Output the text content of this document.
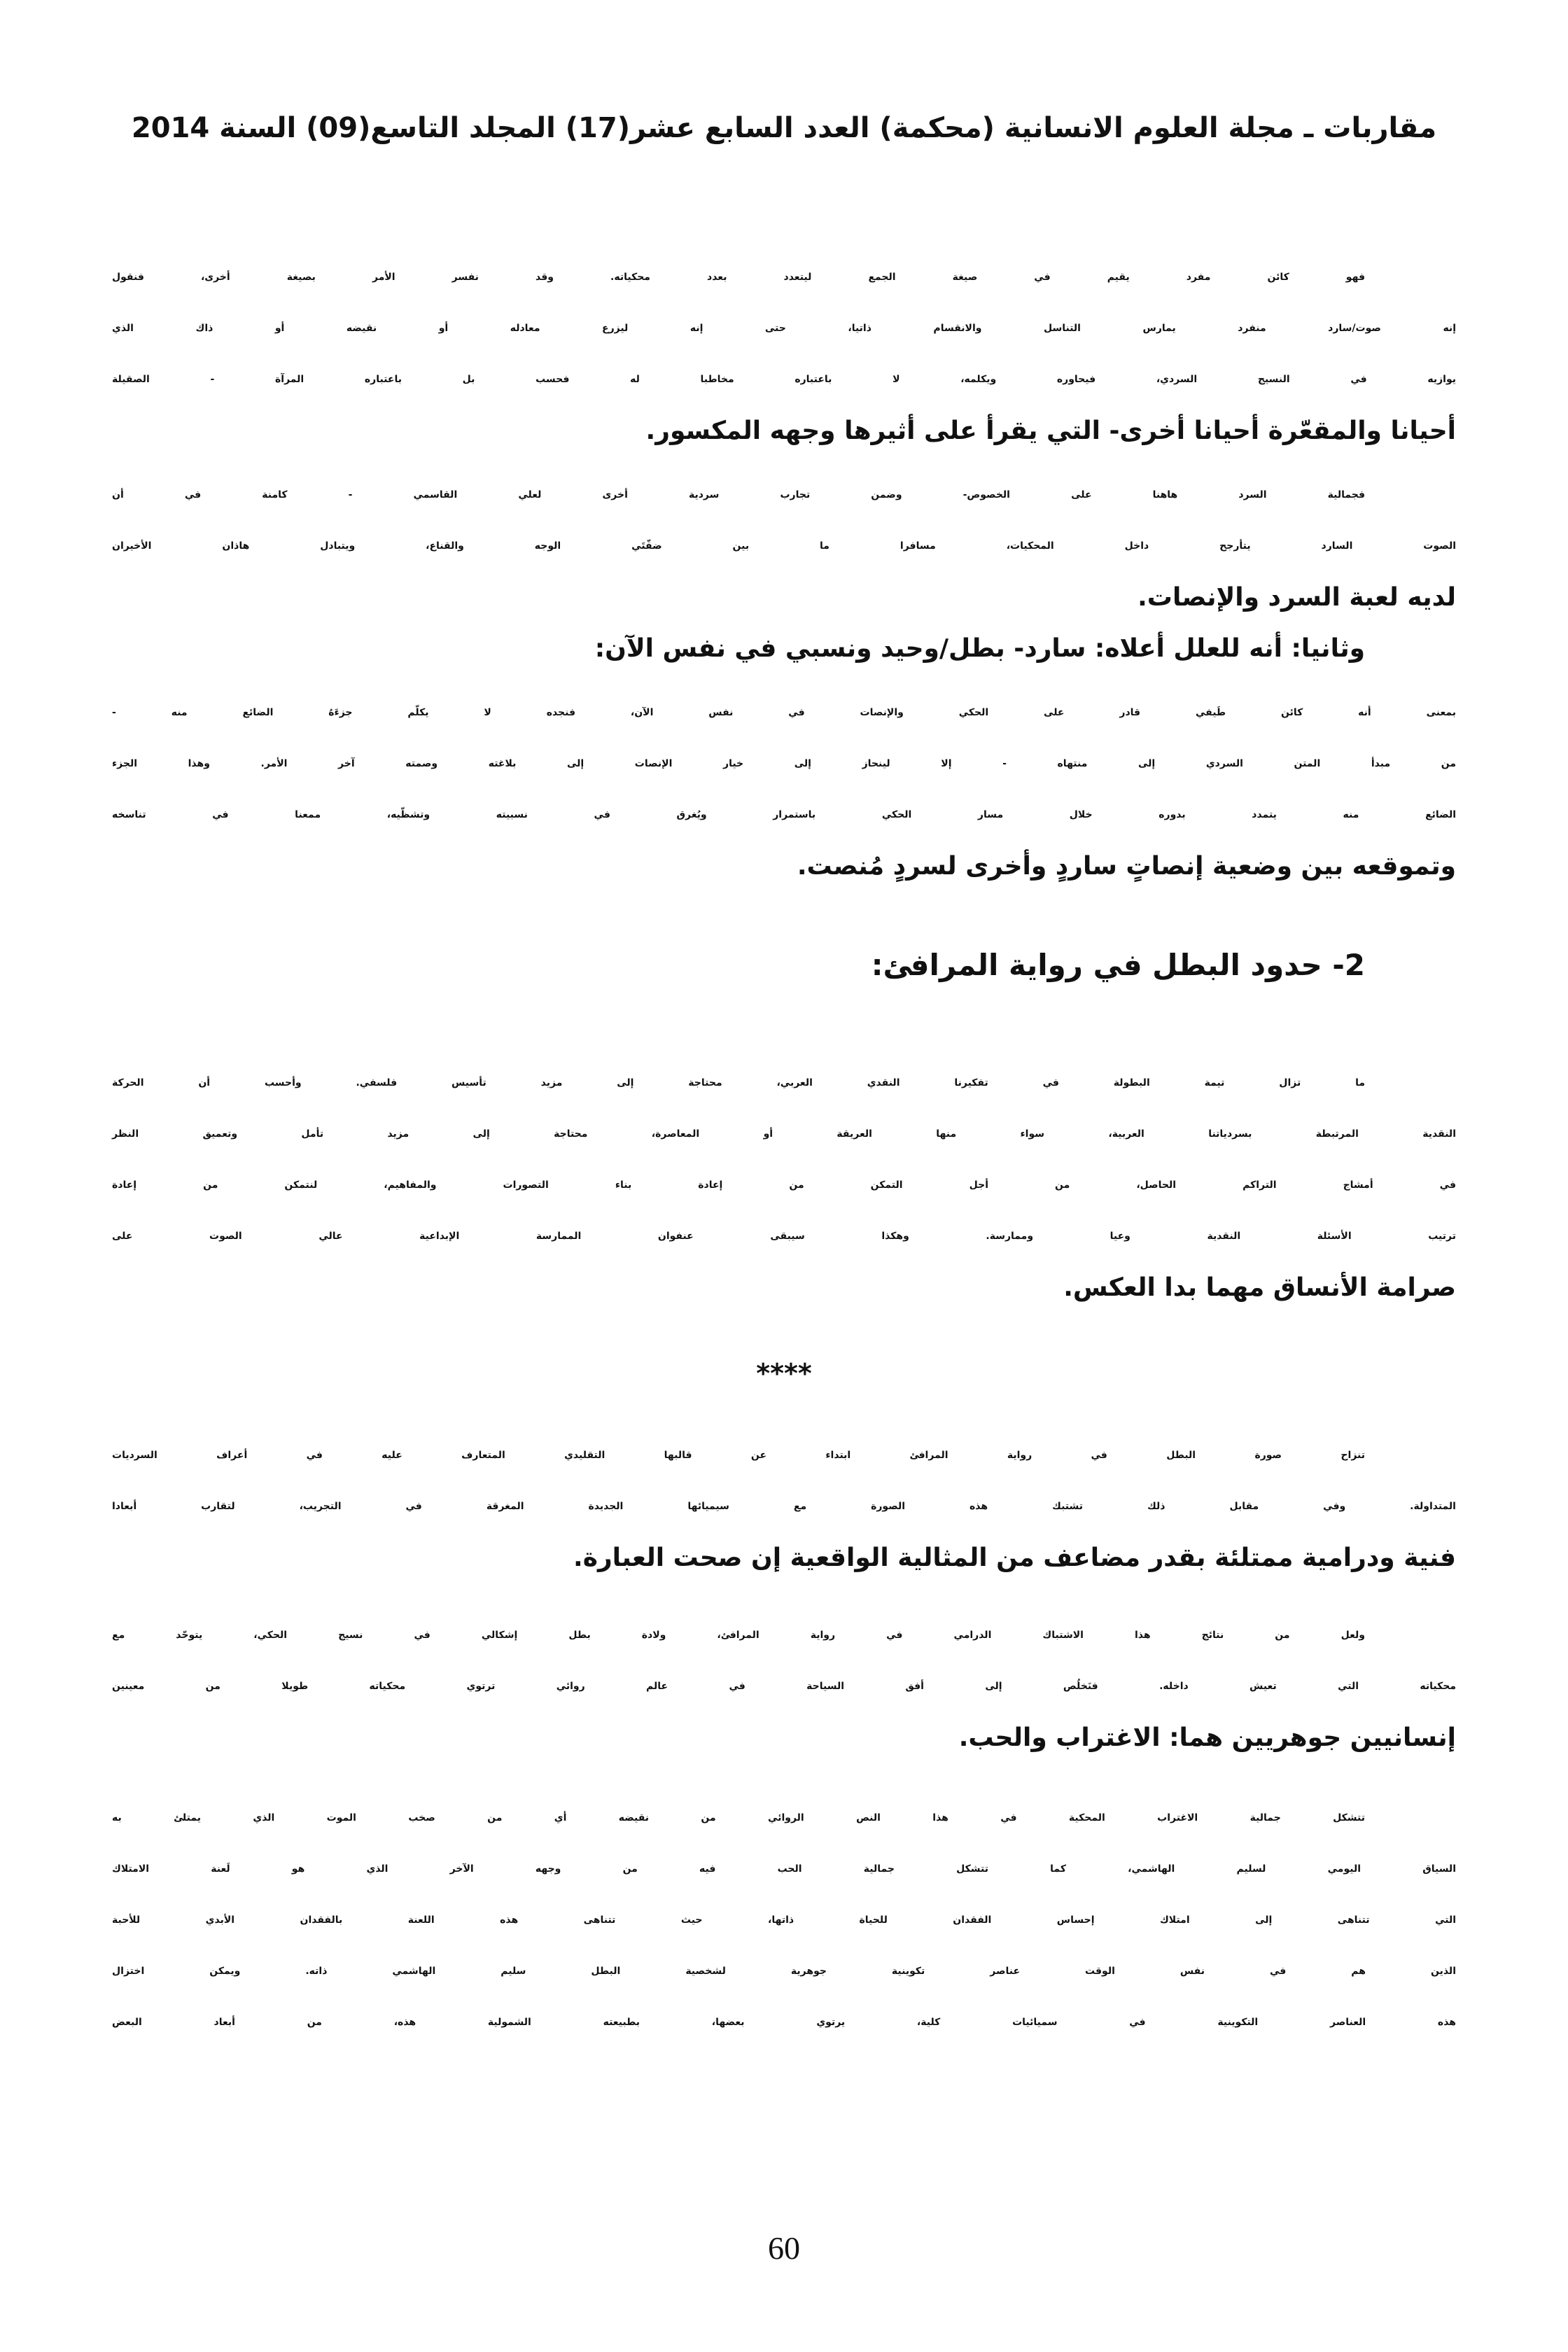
مقاربات ـ مجلة العلوم الانسانية (محكمة) العدد السابع عشر(17) المجلد التاسع(09) السنة 2014
فهو كائن مفرد يقيم في صيغة الجمع ليتعدد بعدد محكياته. وقد نفسر الأمر بصيغة أخرى، فنقول
إنه صوت/سارد منفرد يمارس التناسل والانقسام ذاتيا، حتى إنه ليزرع معادله أو نقيضه أو ذاك الذي
يوازيه في النسيج السردي، فيحاوره ويكلمه، لا باعتباره مخاطبا له فحسب بل باعتباره المرآة - الصقيلة
أحيانا والمقعّرة أحيانا أخرى- التي يقرأ على أثيرها وجهه المكسور.
فجمالية السرد هاهنا على الخصوص- وضمن تجارب سردية أخرى لعلي القاسمي - كامنة في أن
الصوت السارد يتأرجح داخل المحكيات، مسافرا ما بين ضفّتَي الوجه والقناع، ويتبادل هاذان الأخيران
لديه لعبة السرد والإنصات.
وثانيا: أنه للعلل أعلاه: سارد- بطل/وحيد ونسبي في نفس الآن:
بمعنى أنه كائن طَيفي قادر على الحكي والإنصات في نفس الآن، فنجده لا يكلّم جزءَهُ الضائع منه -
من مبدأ المتن السردي إلى منتهاه - إلا لينحاز إلى خيار الإنصات إلى بلاغته وصمته آخر الأمر. وهذا الجزء
الضائع منه يتمدد بدوره خلال مسار الحكي باستمرار ويُغرق في نسبيته وتشظّيه، ممعنا في تناسخه
وتموقعه بين وضعية إنصاتٍ ساردٍ وأخرى لسردٍ مُنصت.
2- حدود البطل في رواية المرافئ:
ما تزال تيمة البطولة في تفكيرنا النقدي العربي، محتاجة إلى مزيد تأسيس فلسفي. وأحسب أن الحركة
النقدية المرتبطة بسردياتنا العربية، سواء منها العريقة أو المعاصرة، محتاجة إلى مزيد تأمل وتعميق النظر
في أمشاج التراكم الحاصل، من أجل التمكن من إعادة بناء التصورات والمفاهيم، لنتمكن من إعادة
ترتيب الأسئلة النقدية وعيا وممارسة. وهكذا سيبقى عنفوان الممارسة الإبداعية عالي الصوت على
صرامة الأنساق مهما بدا العكس.
تنزاح صورة البطل في رواية المرافئ ابتداء عن قالبها التقليدي المتعارف عليه في أعراف السرديات
المتداولة. وفي مقابل ذلك تشتبك هذه الصورة مع سيميائها الجديدة المغرقة في التجريب، لتقارب أبعادا
فنية ودرامية ممتلئة بقدر مضاعف من المثالية الواقعية إن صحت العبارة.
ولعل من نتائج هذا الاشتباك الدرامي في رواية المرافئ، ولادة بطل إشكالي في نسيج الحكي، يتوحّد مع
محكياته التي تعيش داخله. فنَخلُص إلى أفق السياحة في عالم روائي ترتوي محكياته طويلا من معينين
إنسانيين جوهريين هما: الاغتراب والحب.
تتشكل جمالية الاغتراب المحكية في هذا النص الروائي من نقيضه أي من صخب الموت الذي يمتلئ به
السياق اليومي لسليم الهاشمي، كما تتشكل جمالية الحب فيه من وجهه الآخر الذي هو لَعنة الامتلاك
التي تتناهى إلى امتلاك إحساس الفقدان للحياة ذاتها، حيث تتناهى هذه اللعنة بالفقدان الأبدي للأحبة
الذين هم في نفس الوقت عناصر تكوينية جوهرية لشخصية البطل سليم الهاشمي ذاته. ويمكن اختزال
هذه العناصر التكوينية في سميائيات كلية، يرتوي بعضها، بطبيعته الشمولية هذه، من أبعاد البعض
****
60
